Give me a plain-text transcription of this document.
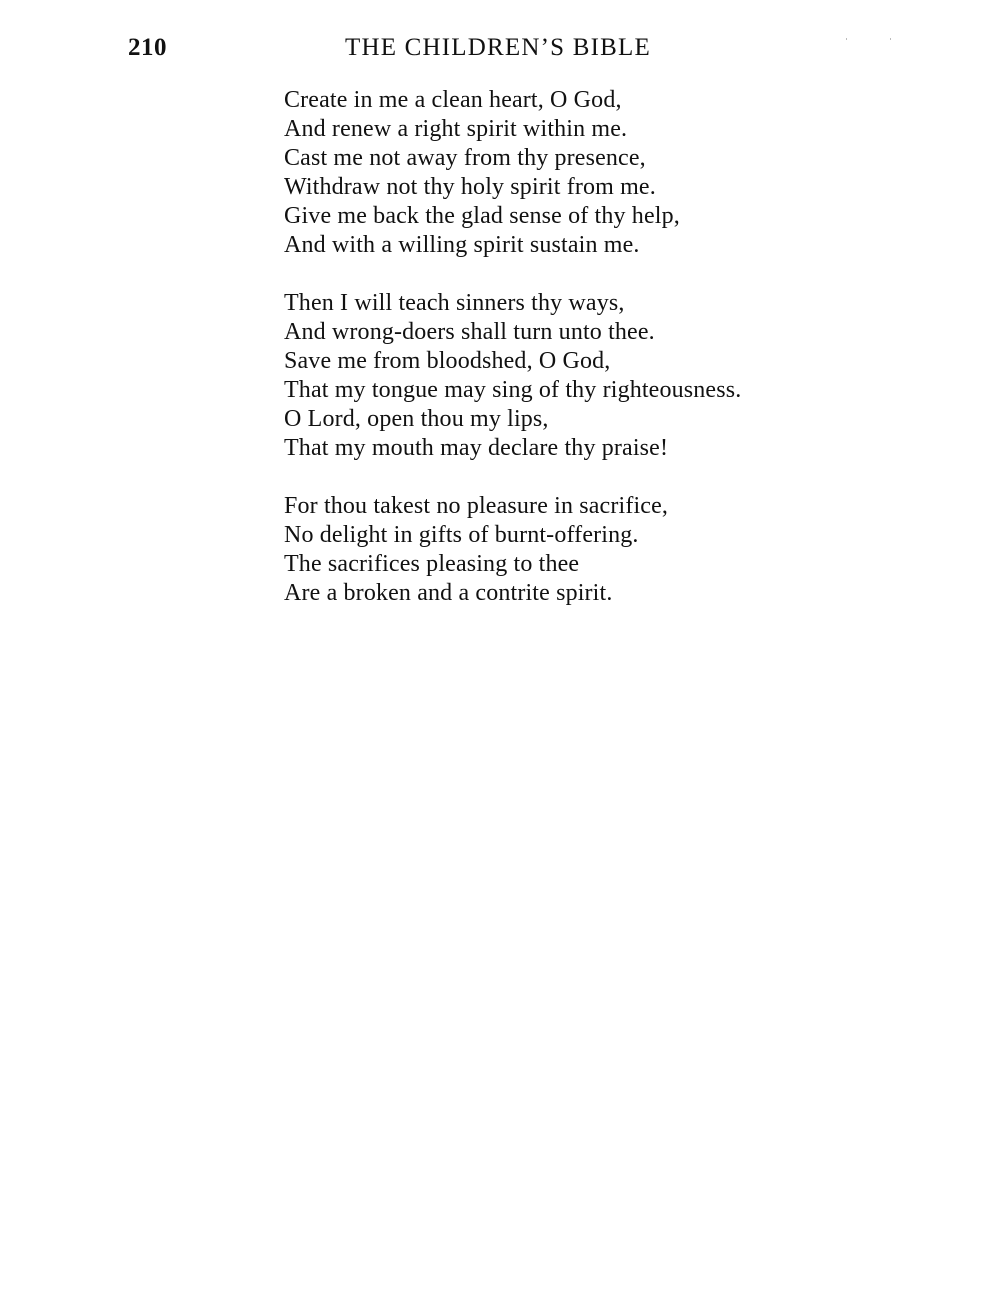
210	THE CHILDREN’S BIBLE
Create in me a clean heart, O God,
And renew a right spirit within me.
Cast me not away from thy presence,
Withdraw not thy holy spirit from me.
Give me back the glad sense of thy help,
And with a willing spirit sustain me.
Then I will teach sinners thy ways,
And wrong-doers shall turn unto thee.
Save me from bloodshed, O God,
That my tongue may sing of thy righteousness.
O Lord, open thou my lips,
That my mouth may declare thy praise!
For thou takest no pleasure in sacrifice,
No delight in gifts of burnt-offering.
The sacrifices pleasing to thee
Are a broken and a contrite spirit.
